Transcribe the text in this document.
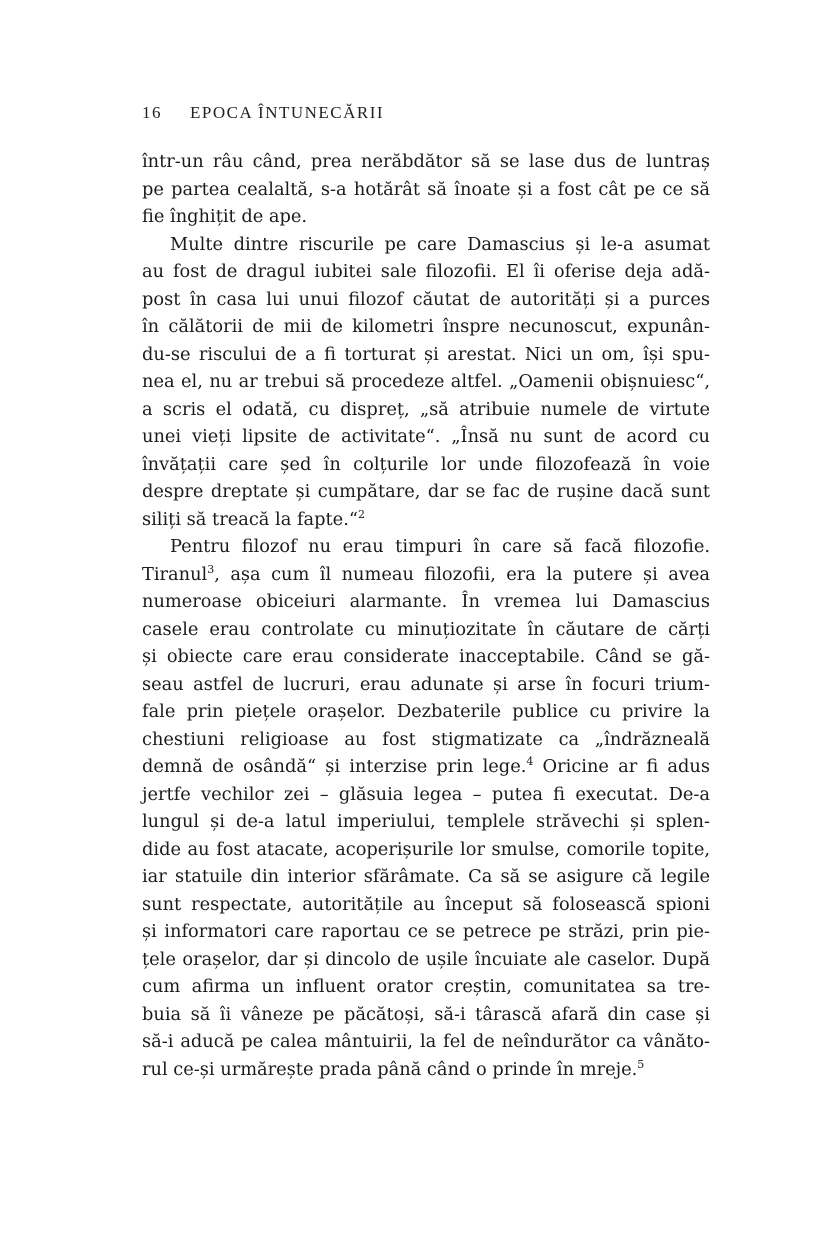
16 EPOCA ÎNTUNECĂRII
într-un râu când, prea nerăbdător să se lase dus de luntraș
pe partea cealaltă, s-a hotărât să înoate și a fost cât pe ce să
fie înghițit de ape.
Multe dintre riscurile pe care Damascius și le-a asumat
au fost de dragul iubitei sale filozofii. El îi oferise deja adă-
post în casa lui unui filozof căutat de autorități și a purces
în călătorii de mii de kilometri înspre necunoscut, expunân-
du-se riscului de a fi torturat și arestat. Nici un om, își spu-
nea el, nu ar trebui să procedeze altfel. „Oamenii obișnuiesc“,
a scris el odată, cu dispreț, „să atribuie numele de virtute
unei vieți lipsite de activitate“. „Însă nu sunt de acord cu
învățații care șed în colțurile lor unde filozofează în voie
despre dreptate și cumpătare, dar se fac de rușine dacă sunt
siliți să treacă la fapte.“$^2$
Pentru filozof nu erau timpuri în care să facă filozofie.
Tiranul$^3$, așa cum îl numeau filozofii, era la putere și avea
numeroase obiceiuri alarmante. În vremea lui Damascius
casele erau controlate cu minuțiozitate în căutare de cărți
și obiecte care erau considerate inacceptabile. Când se gă-
seau astfel de lucruri, erau adunate și arse în focuri trium-
fale prin piețele orașelor. Dezbaterile publice cu privire la
chestiuni religioase au fost stigmatizate ca „îndrăzneală
demnă de osândă“ și interzise prin lege.$^4$ Oricine ar fi adus
jertfe vechilor zei – glăsuia legea – putea fi executat. De-a
lungul și de-a latul imperiului, templele străvechi și splen-
dide au fost atacate, acoperișurile lor smulse, comorile topite,
iar statuile din interior sfărâmate. Ca să se asigure că legile
sunt respectate, autoritățile au început să folosească spioni
și informatori care raportau ce se petrece pe străzi, prin pie-
țele orașelor, dar și dincolo de ușile încuiate ale caselor. După
cum afirma un influent orator creștin, comunitatea sa tre-
buia să îi vâneze pe păcătoși, să-i târască afară din case și
să-i aducă pe calea mântuirii, la fel de neîndurător ca vânăto-
rul ce-și urmărește prada până când o prinde în mreje.$^5$
